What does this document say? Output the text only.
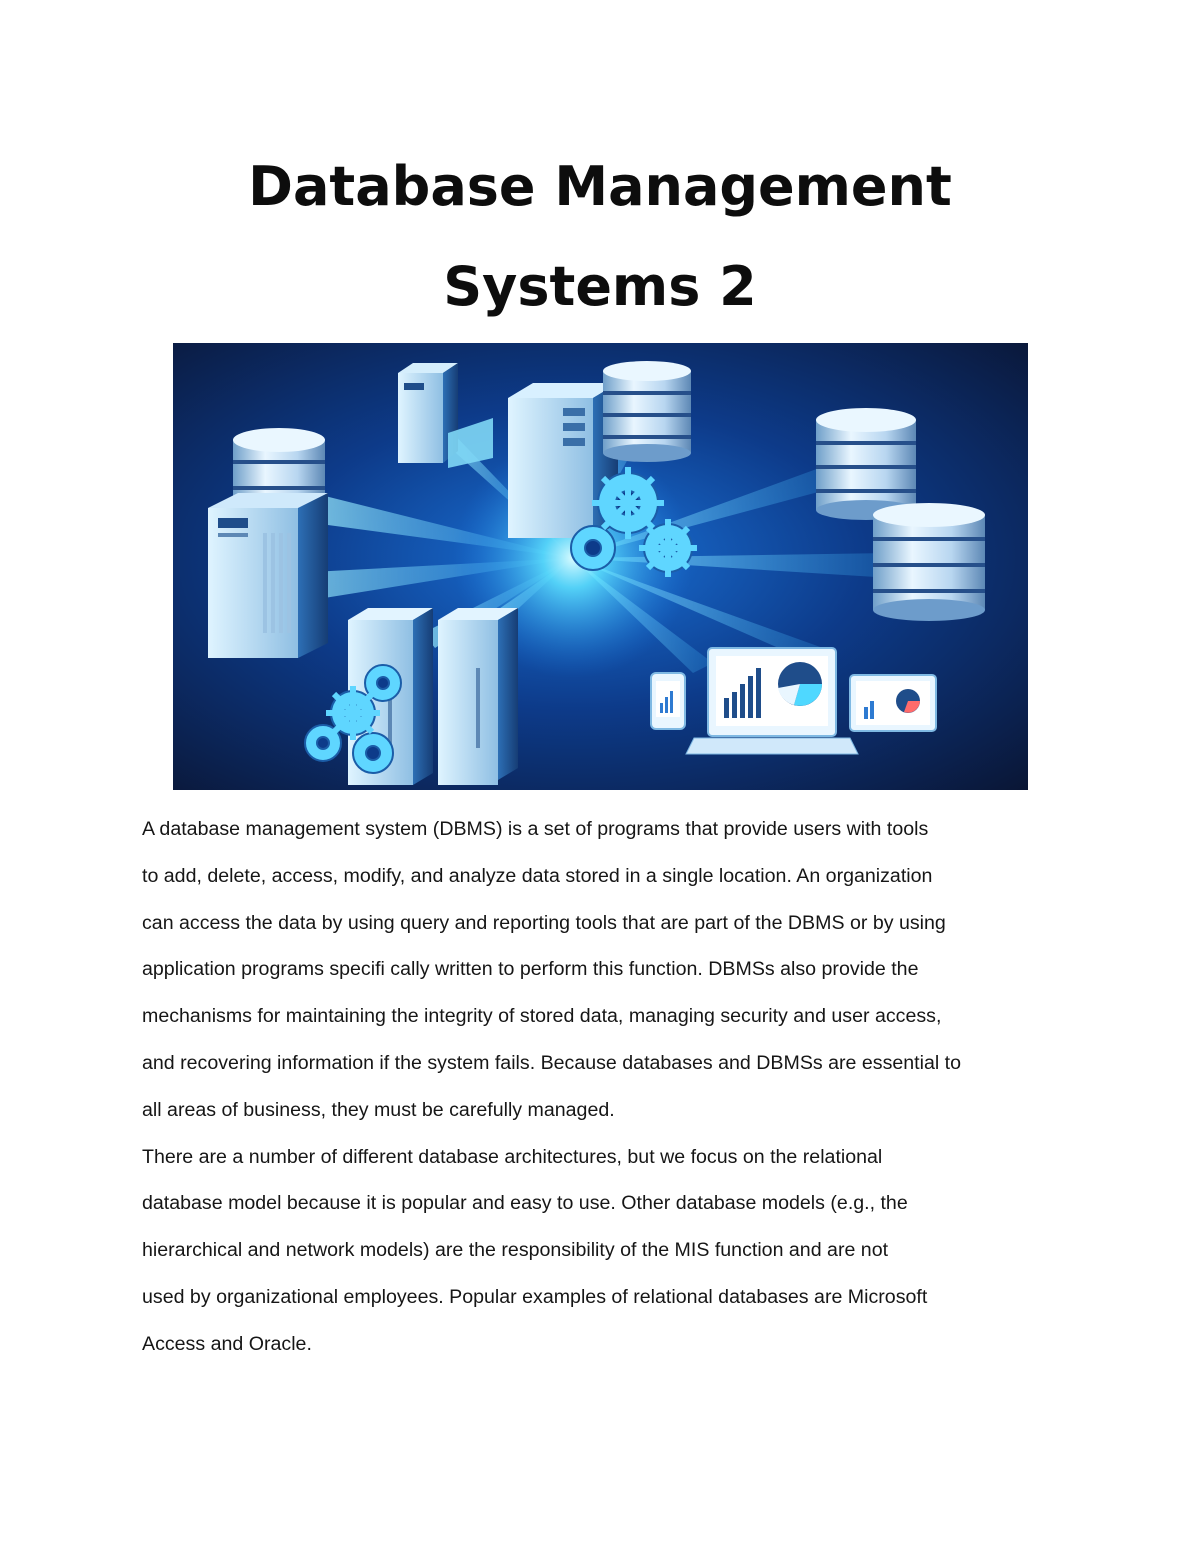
Database Management
Systems 2

A database management system (DBMS) is a set of programs that provide users with tools
to add, delete, access, modify, and analyze data stored in a single location. An organization
can access the data by using query and reporting tools that are part of the DBMS or by using
application programs specifi cally written to perform this function. DBMSs also provide the
mechanisms for maintaining the integrity of stored data, managing security and user access,
and recovering information if the system fails. Because databases and DBMSs are essential to
all areas of business, they must be carefully managed.

There are a number of different database architectures, but we focus on the relational
database model because it is popular and easy to use. Other database models (e.g., the
hierarchical and network models) are the responsibility of the MIS function and are not
used by organizational employees. Popular examples of relational databases are Microsoft
Access and Oracle.
